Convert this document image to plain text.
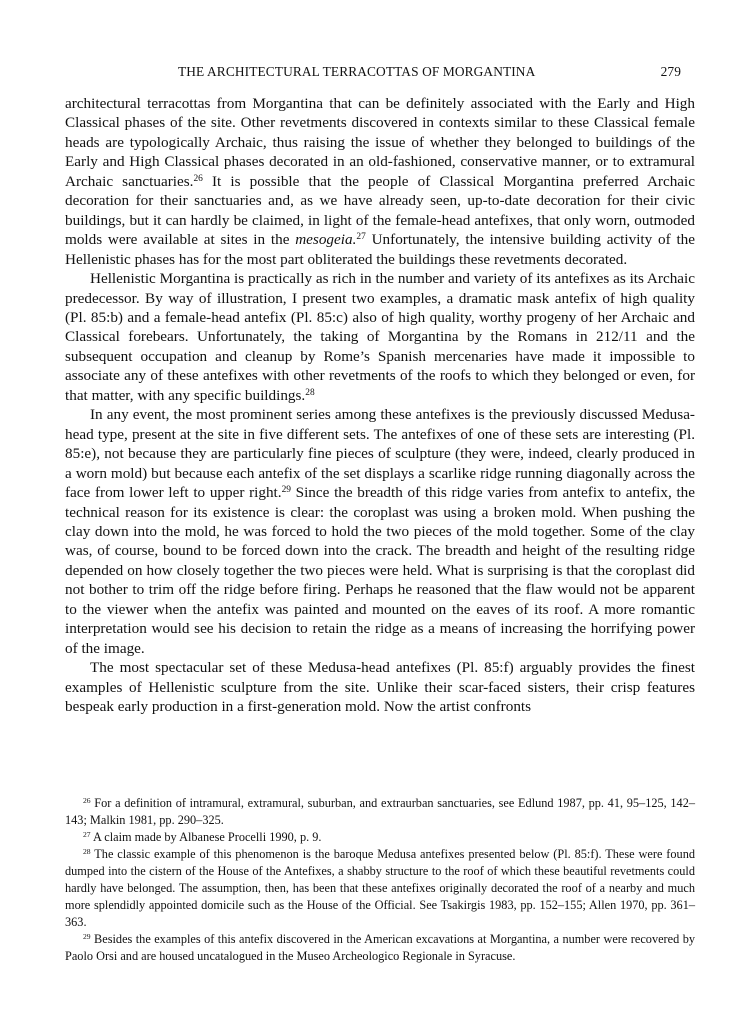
THE ARCHITECTURAL TERRACOTTAS OF MORGANTINA	279

architectural terracottas from Morgantina that can be definitely associated with the Early and High Classical phases of the site. Other revetments discovered in contexts similar to these Classical female heads are typologically Archaic, thus raising the issue of whether they belonged to buildings of the Early and High Classical phases decorated in an old-fashioned, conservative manner, or to extramural Archaic sanctuaries.$^{26}$ It is possible that the people of Classical Morgantina preferred Archaic decoration for their sanctuaries and, as we have already seen, up-to-date decoration for their civic buildings, but it can hardly be claimed, in light of the female-head antefixes, that only worn, outmoded molds were available at sites in the mesogeia.$^{27}$ Unfortunately, the intensive building activity of the Hellenistic phases has for the most part obliterated the buildings these revetments decorated.

Hellenistic Morgantina is practically as rich in the number and variety of its antefixes as its Archaic predecessor. By way of illustration, I present two examples, a dramatic mask antefix of high quality (Pl. 85:b) and a female-head antefix (Pl. 85:c) also of high quality, worthy progeny of her Archaic and Classical forebears. Unfortunately, the taking of Morgantina by the Romans in 212/11 and the subsequent occupation and cleanup by Rome’s Spanish mercenaries have made it impossible to associate any of these antefixes with other revetments of the roofs to which they belonged or even, for that matter, with any specific buildings.$^{28}$

In any event, the most prominent series among these antefixes is the previously discussed Medusa-head type, present at the site in five different sets. The antefixes of one of these sets are interesting (Pl. 85:e), not because they are particularly fine pieces of sculpture (they were, indeed, clearly produced in a worn mold) but because each antefix of the set displays a scarlike ridge running diagonally across the face from lower left to upper right.$^{29}$ Since the breadth of this ridge varies from antefix to antefix, the technical reason for its existence is clear: the coroplast was using a broken mold. When pushing the clay down into the mold, he was forced to hold the two pieces of the mold together. Some of the clay was, of course, bound to be forced down into the crack. The breadth and height of the resulting ridge depended on how closely together the two pieces were held. What is surprising is that the coroplast did not bother to trim off the ridge before firing. Perhaps he reasoned that the flaw would not be apparent to the viewer when the antefix was painted and mounted on the eaves of its roof. A more romantic interpretation would see his decision to retain the ridge as a means of increasing the horrifying power of the image.

The most spectacular set of these Medusa-head antefixes (Pl. 85:f) arguably provides the finest examples of Hellenistic sculpture from the site. Unlike their scar-faced sisters, their crisp features bespeak early production in a first-generation mold. Now the artist confronts

$^{26}$ For a definition of intramural, extramural, suburban, and extraurban sanctuaries, see Edlund 1987, pp. 41, 95–125, 142–143; Malkin 1981, pp. 290–325.

$^{27}$ A claim made by Albanese Procelli 1990, p. 9.

$^{28}$ The classic example of this phenomenon is the baroque Medusa antefixes presented below (Pl. 85:f). These were found dumped into the cistern of the House of the Antefixes, a shabby structure to the roof of which these beautiful revetments could hardly have belonged. The assumption, then, has been that these antefixes originally decorated the roof of a nearby and much more splendidly appointed domicile such as the House of the Official. See Tsakirgis 1983, pp. 152–155; Allen 1970, pp. 361–363.

$^{29}$ Besides the examples of this antefix discovered in the American excavations at Morgantina, a number were recovered by Paolo Orsi and are housed uncatalogued in the Museo Archeologico Regionale in Syracuse.
